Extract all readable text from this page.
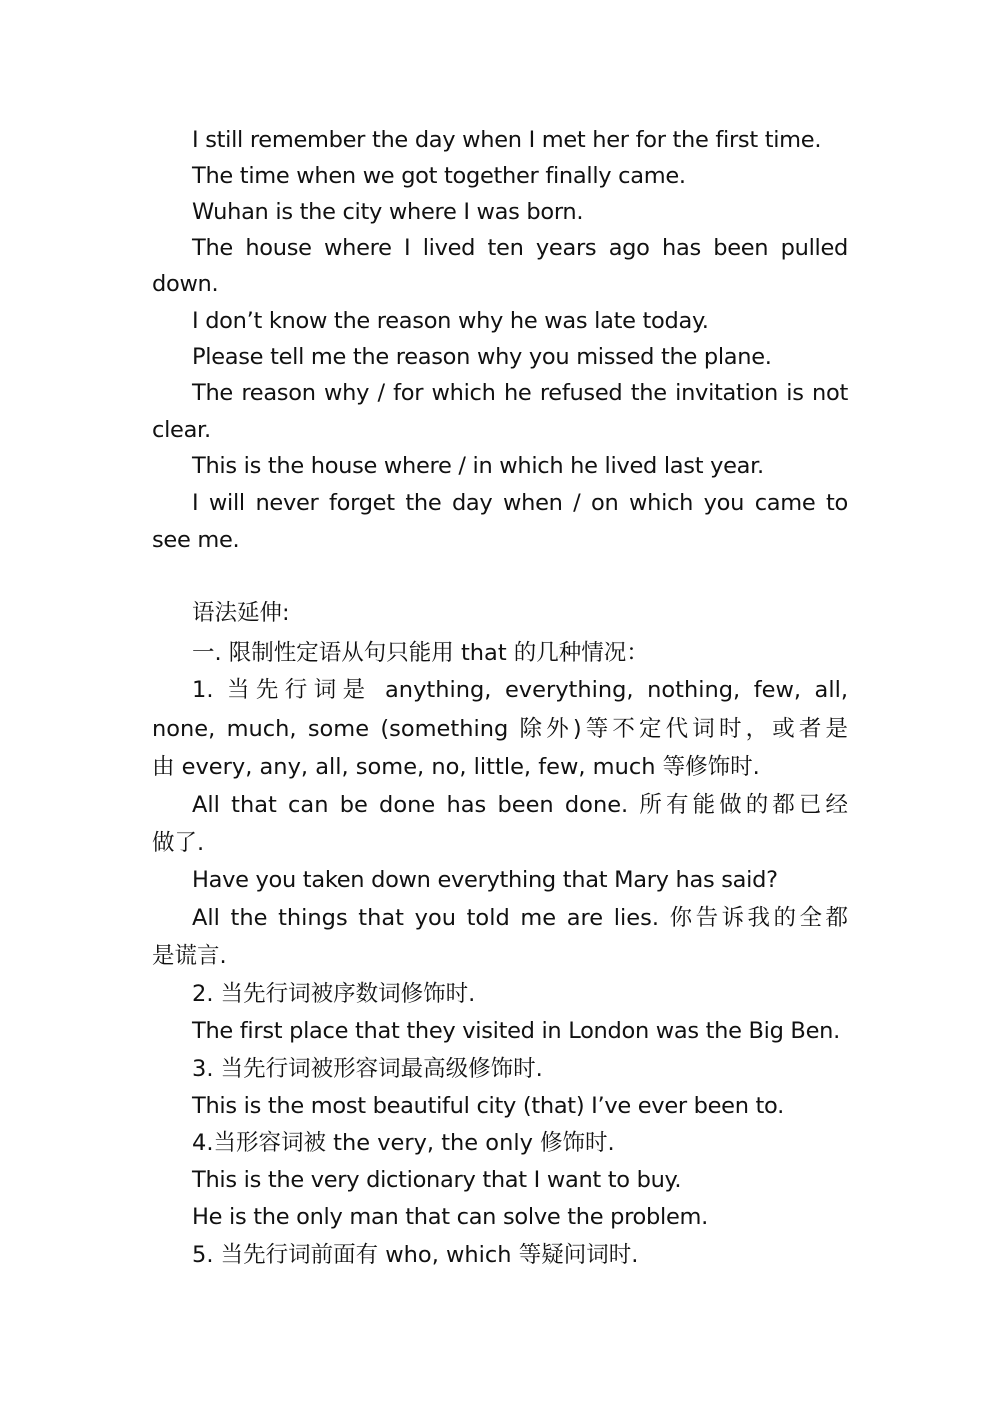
I still remember the day when I met her for the first time.
The time when we got together finally came.
Wuhan is the city where I was born.
The house where I lived ten years ago has been pulled
down.
I don’t know the reason why he was late today.
Please tell me the reason why you missed the plane.
The reason why / for which he refused the invitation is not
clear.
This is the house where / in which he lived last year.
I will never forget the day when / on which you came to
see me.
语法延伸:
一. 限制性定语从句只能用 that 的几种情况：
1. 当先行词是 anything, everything, nothing, few, all,
none, much, some (something 除外)等不定代词时，或者是
由 every, any, all, some, no, little, few, much 等修饰时.
All that can be done has been done. 所有能做的都已经
做了.
Have you taken down everything that Mary has said?
All the things that you told me are lies. 你告诉我的全都
是谎言.
2. 当先行词被序数词修饰时.
The first place that they visited in London was the Big Ben.
3. 当先行词被形容词最高级修饰时.
This is the most beautiful city (that) I’ve ever been to.
4.当形容词被 the very, the only 修饰时.
This is the very dictionary that I want to buy.
He is the only man that can solve the problem.
5. 当先行词前面有 who, which 等疑问词时.
